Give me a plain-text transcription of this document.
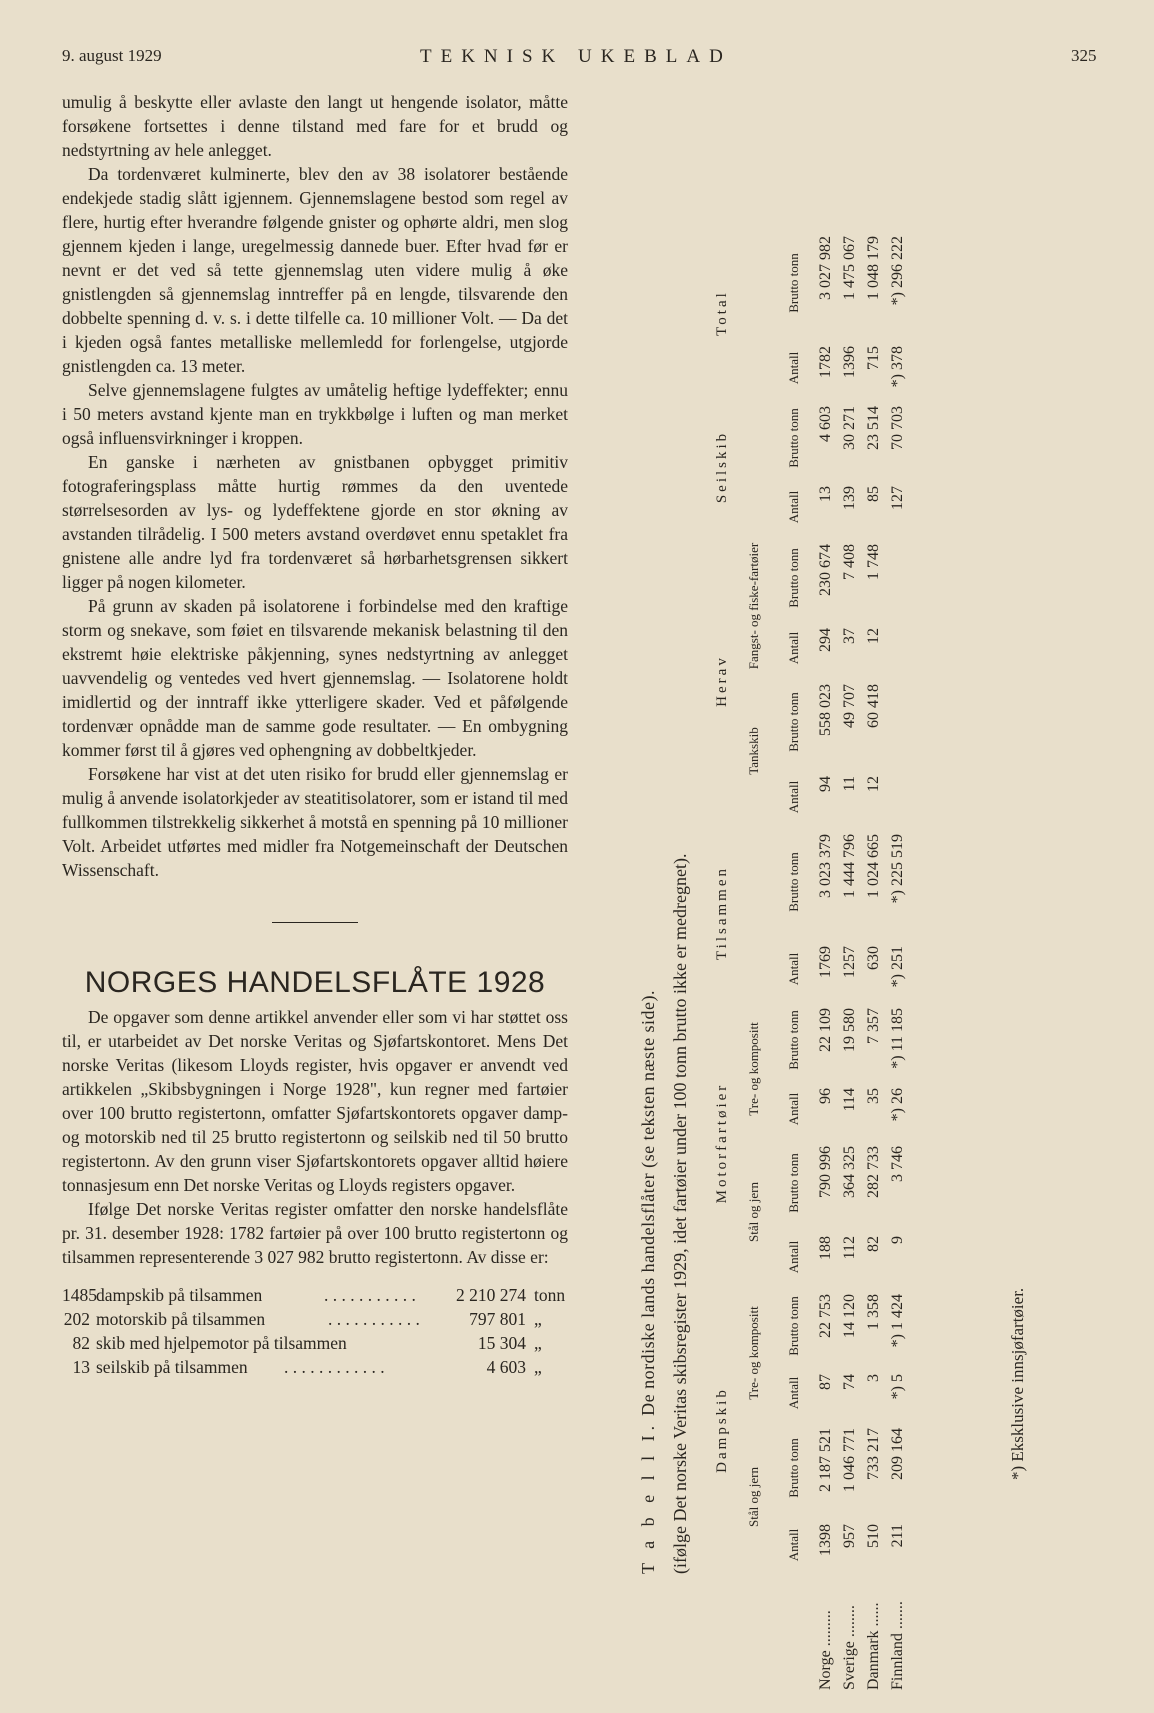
9. august 1929	TEKNISK UKEBLAD	325

umulig å beskytte eller avlaste den langt ut hengende isolator, måtte forsøkene fortsettes i denne tilstand med fare for et brudd og nedstyrtning av hele anlegget.

Da tordenværet kulminerte, blev den av 38 isolatorer bestående endekjede stadig slått igjennem. Gjennemslagene bestod som regel av flere, hurtig efter hverandre følgende gnister og ophørte aldri, men slog gjennem kjeden i lange, uregelmessig dannede buer. Efter hvad før er nevnt er det ved så tette gjennemslag uten videre mulig å øke gnistlengden så gjennemslag inntreffer på en lengde, tilsvarende den dobbelte spenning d. v. s. i dette tilfelle ca. 10 millioner Volt. — Da det i kjeden også fantes metalliske mellemledd for forlengelse, utgjorde gnistlengden ca. 13 meter.

Selve gjennemslagene fulgtes av umåtelig heftige lydeffekter; ennu i 50 meters avstand kjente man en trykkbølge i luften og man merket også influensvirkninger i kroppen.

En ganske i nærheten av gnistbanen opbygget primitiv fotograferingsplass måtte hurtig rømmes da den uventede størrelsesorden av lys- og lydeffektene gjorde en stor økning av avstanden tilrådelig. I 500 meters avstand overdøvet ennu spetaklet fra gnistene alle andre lyd fra tordenværet så hørbarhetsgrensen sikkert ligger på nogen kilometer.

På grunn av skaden på isolatorene i forbindelse med den kraftige storm og snekave, som føiet en tilsvarende mekanisk belastning til den ekstremt høie elektriske påkjenning, synes nedstyrtning av anlegget uavvendelig og ventedes ved hvert gjennemslag. — Isolatorene holdt imidlertid og der inntraff ikke ytterligere skader. Ved et påfølgende tordenvær opnådde man de samme gode resultater. — En ombygning kommer først til å gjøres ved ophengning av dobbeltkjeder.

Forsøkene har vist at det uten risiko for brudd eller gjennemslag er mulig å anvende isolatorkjeder av steatitisolatorer, som er istand til med fullkommen tilstrekkelig sikkerhet å motstå en spenning på 10 millioner Volt. Arbeidet utførtes med midler fra Notgemeinschaft der Deutschen Wissenschaft.

NORGES HANDELSFLÅTE 1928

De opgaver som denne artikkel anvender eller som vi har støttet oss til, er utarbeidet av Det norske Veritas og Sjøfartskontoret. Mens Det norske Veritas (likesom Lloyds register, hvis opgaver er anvendt ved artikkelen „Skibsbygningen i Norge 1928", kun regner med fartøier over 100 brutto registertonn, omfatter Sjøfartskontorets opgaver damp- og motorskib ned til 25 brutto registertonn og seilskib ned til 50 brutto registertonn. Av den grunn viser Sjøfartskontorets opgaver alltid høiere tonnasjesum enn Det norske Veritas og Lloyds registers opgaver.

Ifølge Det norske Veritas register omfatter den norske handelsflåte pr. 31. desember 1928: 1782 fartøier på over 100 brutto registertonn og tilsammen representerende 3 027 982 brutto registertonn. Av disse er:

1485 dampskib på tilsammen	. . . . . . . . . . .	2 210 274 tonn
202 motorskib på tilsammen	. . . . . . . . . . .	797 801 „
82 skib med hjelpemotor på tilsammen	15 304 „
13 seilskib på tilsammen . . . . . . . . . . . .	4 603 „
T a b e l l I. De nordiske lands handelsflåter (se teksten næste side). (ifølge Det norske Veritas skibsregister 1929, idet fartøier under 100 tonn brutto ikke er medregnet).
	Dampskib				Motorfartøier				Tilsammen		Herav				Seilskib		Total	
	Stål og jern		Tre- og kompositt		Stål og jern		Tre- og kompositt				Tankskib		Fangst- og fiske-fartøier					
	Antall	Brutto tonn	Antall	Brutto tonn	Antall	Brutto tonn	Antall	Brutto tonn	Antall	Brutto tonn	Antall	Brutto tonn	Antall	Brutto tonn	Antall	Brutto tonn	Antall	Brutto tonn
Norge .........	1398	2 187 521	87	22 753	188	790 996	96	22 109	1769	3 023 379	94	558 023	294	230 674	13	4 603	1782	3 027 982
Sverige ........	957	1 046 771	74	14 120	112	364 325	114	19 580	1257	1 444 796	11	49 707	37	7 408	139	30 271	1396	1 475 067
Danmark ......	510	733 217	3	1 358	82	282 733	35	7 357	630	1 024 665	12	60 418	12	1 748	85	23 514	715	1 048 179
Finnland .......	211	209 164	*) 5	*) 1 424	9	3 746	*) 26	*) 11 185	*) 251	*) 225 519					127	70 703	*) 378	*) 296 222
*) Eksklusive innsjøfartøier.
